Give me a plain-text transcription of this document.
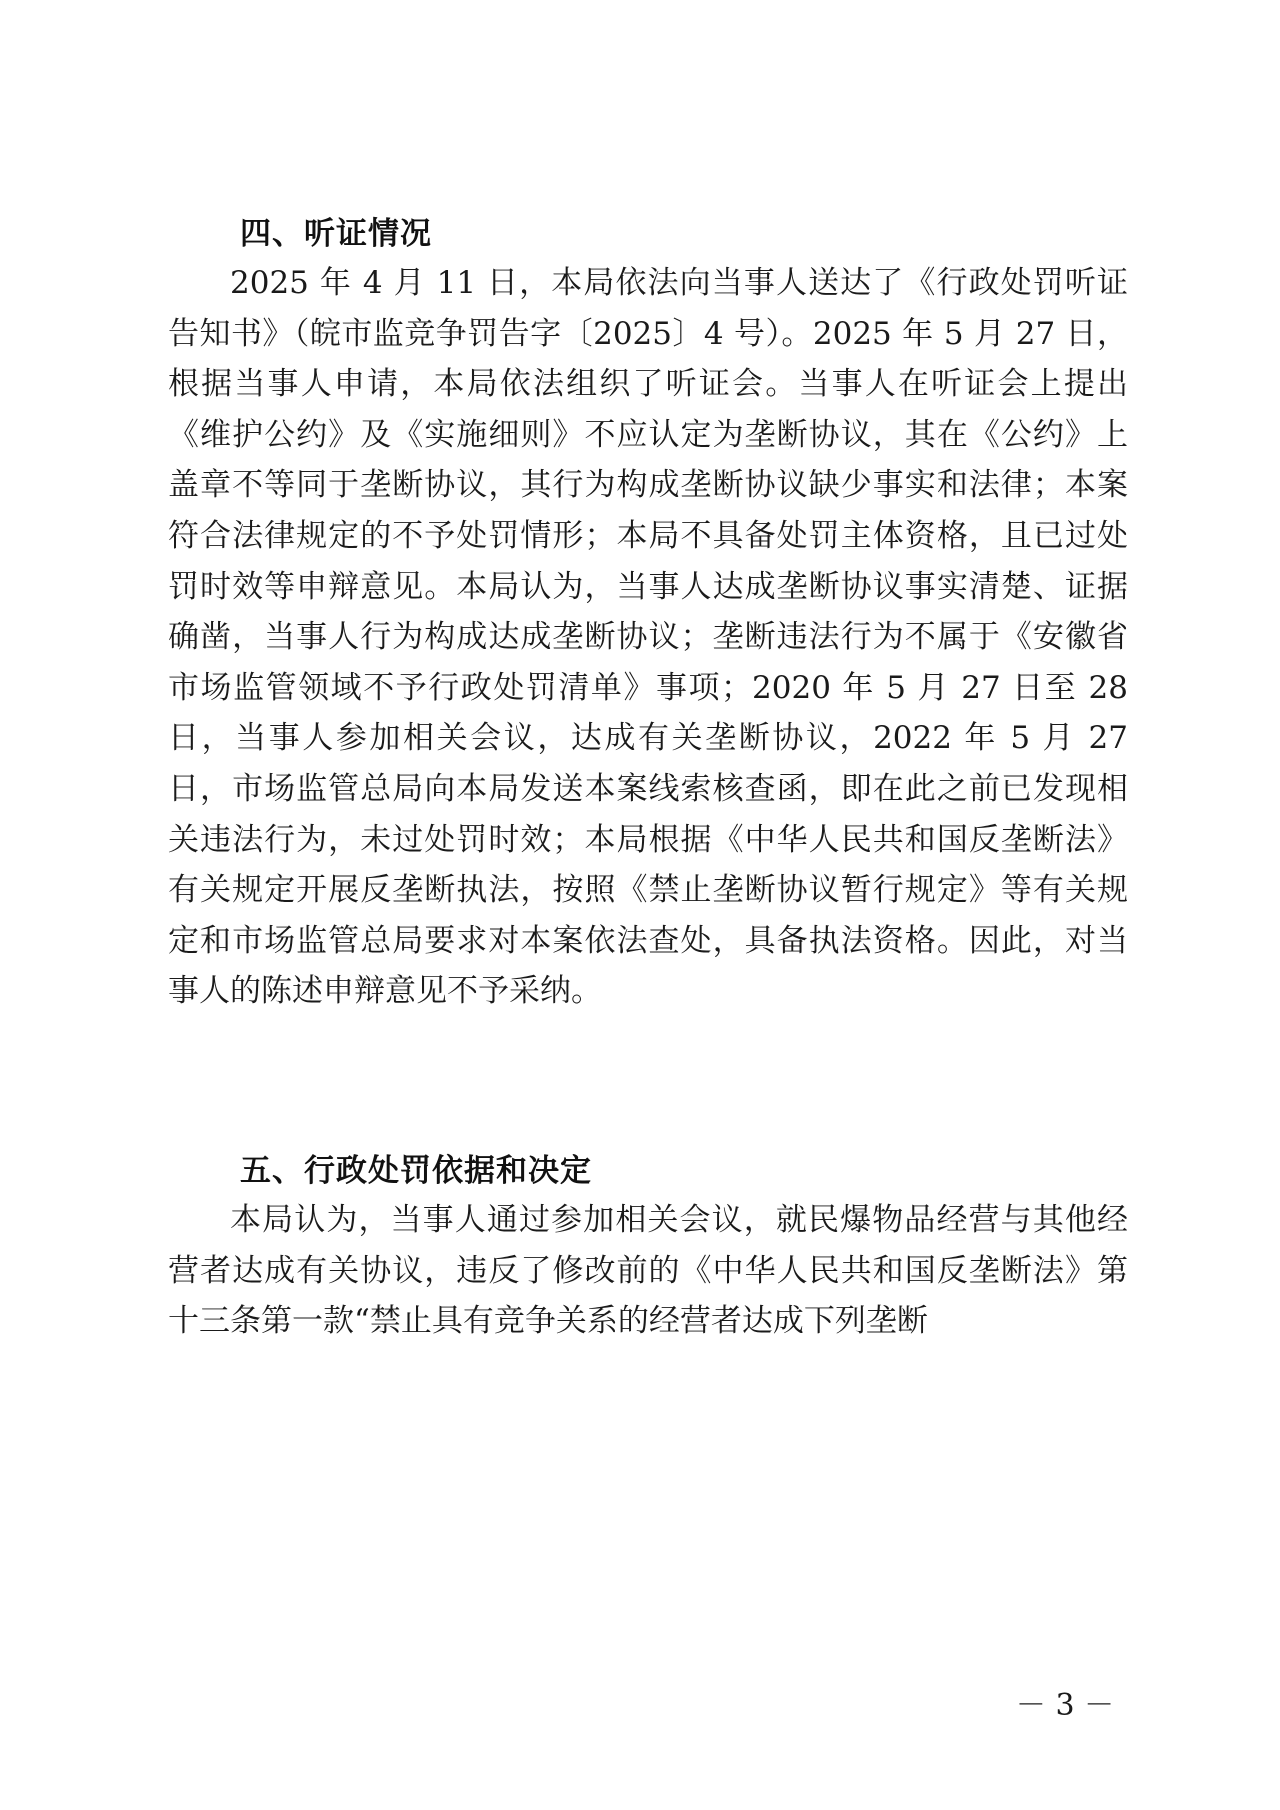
四、听证情况

2025 年 4 月 11 日，本局依法向当事人送达了《行政处罚听证告知书》（皖市监竞争罚告字〔2025〕4 号）。2025 年 5 月 27 日，根据当事人申请，本局依法组织了听证会。当事人在听证会上提出《维护公约》及《实施细则》不应认定为垄断协议，其在《公约》上盖章不等同于垄断协议，其行为构成垄断协议缺少事实和法律；本案符合法律规定的不予处罚情形；本局不具备处罚主体资格，且已过处罚时效等申辩意见。本局认为，当事人达成垄断协议事实清楚、证据确凿，当事人行为构成达成垄断协议；垄断违法行为不属于《安徽省市场监管领域不予行政处罚清单》事项；2020 年 5 月 27 日至 28 日，当事人参加相关会议，达成有关垄断协议，2022 年 5 月 27 日，市场监管总局向本局发送本案线索核查函，即在此之前已发现相关违法行为，未过处罚时效；本局根据《中华人民共和国反垄断法》有关规定开展反垄断执法，按照《禁止垄断协议暂行规定》等有关规定和市场监管总局要求对本案依法查处，具备执法资格。因此，对当事人的陈述申辩意见不予采纳。

五、行政处罚依据和决定

本局认为，当事人通过参加相关会议，就民爆物品经营与其他经营者达成有关协议，违反了修改前的《中华人民共和国反垄断法》第十三条第一款“禁止具有竞争关系的经营者达成下列垄断

－ 3 －
